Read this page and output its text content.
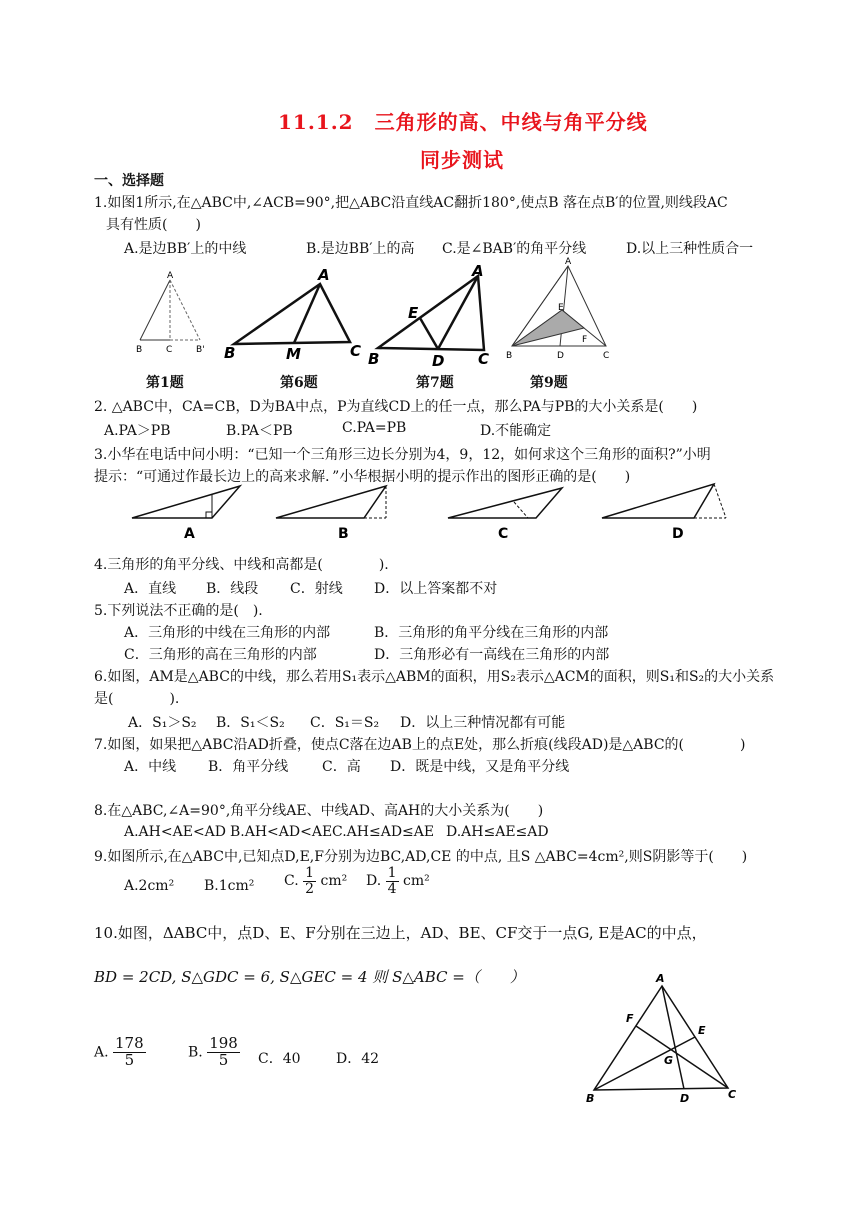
11.1.2　三角形的高、中线与角平分线
同步测试
一、选择题
1.如图1所示,在△ABC中,∠ACB=90°,把△ABC沿直线AC翻折180°,使点B 落在点B′的位置,则线段AC
具有性质(　　)
A.是边BB′上的中线	B.是边BB′上的高 C.是∠BAB′的角平分线	D.以上三种性质合一
A
B	C	B'
A
B	M	C
A
E
B	D C
A
E
F
B	D	C
第1题	第6题	第7题	第9题
2. △ABC中，CA=CB，D为BA中点，P为直线CD上的任一点，那么PA与PB的大小关系是(　　)
A.PA＞PB	B.PA＜PB	C.PA=PB	D.不能确定
3.小华在电话中问小明：“已知一个三角形三边长分别为4，9，12，如何求这个三角形的面积?”小明
提示：“可通过作最长边上的高来求解．”小华根据小明的提示作出的图形正确的是(　　)
A	B	C	D
4.三角形的角平分线、中线和高都是(　　　　).
A．直线 B．线段 C．射线 D．以上答案都不对
5.下列说法不正确的是(　).
A．三角形的中线在三角形的内部	B．三角形的角平分线在三角形的内部
C．三角形的高在三角形的内部	D．三角形必有一高线在三角形的内部
6.如图，AM是△ABC的中线，那么若用S₁表示△ABM的面积，用S₂表示△ACM的面积，则S₁和S₂的大小关系
是(　　　　).
A．S₁＞S₂ B．S₁＜S₂ C．S₁＝S₂ D．以上三种情况都有可能
7.如图，如果把△ABC沿AD折叠，使点C落在边AB上的点E处，那么折痕(线段AD)是△ABC的(　　　　)
A．中线 B．角平分线 C．高 D．既是中线，又是角平分线
8.在△ABC,∠A=90°,角平分线AE、中线AD、高AH的大小关系为(　　)
A.AH<AE<AD B.AH<AD<AE C.AH≤AD≤AE D.AH≤AE≤AD
9.如图所示,在△ABC中,已知点D,E,F分别为边BC,AD,CE 的中点, 且S △ABC=4cm²,则S阴影等于(　　)
A.2cm² B.1cm² C. $\frac{1}{2} cm^2$ D. $\frac{1}{4} cm^2$
10.如图，ΔABC中，点D、E、F分别在三边上，AD、BE、CF交于一点G, E是AC的中点，
BD = 2CD, S△GDC = 6, S△GEC = 4 则 S△ABC =（　　）
A. $\frac{178}{5}$	B. $\frac{198}{5}$ C．40	D．42
A
F
E
G
B	D	C
